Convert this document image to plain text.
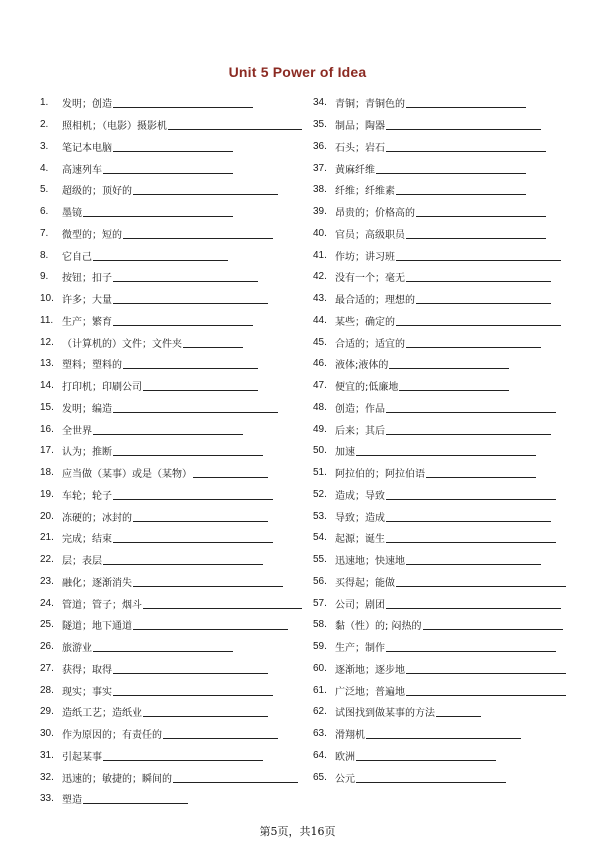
Unit 5 Power of Idea
1.	发明；创造
2.	照相机；（电影）摄影机
3.	笔记本电脑
4.	高速列车
5.	超级的；顶好的
6.	墨镜
7.	微型的；短的
8.	它自己
9.	按钮；扣子
10. 许多；大量
11. 生产；繁育
12. （计算机的）文件；文件夹
13. 塑料；塑料的
14. 打印机；印刷公司
15. 发明；编造
16. 全世界
17. 认为；推断
18. 应当做（某事）或是（某物）
19. 车轮；轮子
20. 冻硬的；冰封的
21. 完成；结束
22. 层；表层
23. 融化；逐渐消失
24. 管道；管子；烟斗
25. 隧道；地下通道
26. 旅游业
27. 获得；取得
28. 现实；事实
29. 造纸工艺；造纸业
30. 作为原因的；有责任的
31. 引起某事
32. 迅速的；敏捷的；瞬间的
33. 塑造
34. 青铜；青铜色的
35. 制品；陶器
36. 石头；岩石
37. 黄麻纤维
38. 纤维；纤维素
39. 昂贵的；价格高的
40. 官员；高级职员
41. 作坊；讲习班
42. 没有一个；毫无
43. 最合适的；理想的
44. 某些；确定的
45. 合适的；适宜的
46. 液体;液体的
47. 便宜的;低廉地
48. 创造；作品
49. 后来；其后
50. 加速
51. 阿拉伯的；阿拉伯语
52. 造成；导致
53. 导致；造成
54. 起源；诞生
55. 迅速地；快速地
56. 买得起；能做
57. 公司；剧团
58. 黏（性）的; 闷热的
59. 生产；制作
60. 逐渐地；逐步地
61. 广泛地；普遍地
62. 试图找到做某事的方法
63. 滑翔机
64. 欧洲
65. 公元
第5页，共16页
